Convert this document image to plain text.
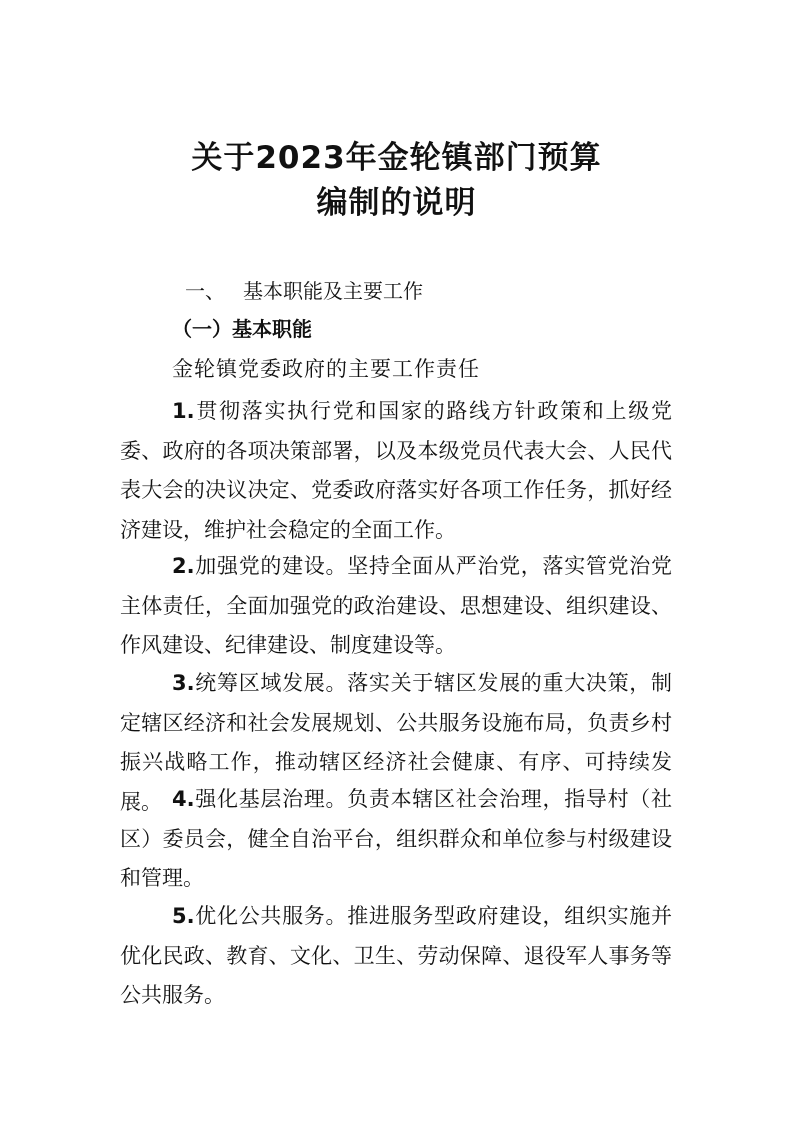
关于2023年金轮镇部门预算
编制的说明
一、 基本职能及主要工作
（一）基本职能
金轮镇党委政府的主要工作责任
1.贯彻落实执行党和国家的路线方针政策和上级党委、政府的各项决策部署，以及本级党员代表大会、人民代表大会的决议决定、党委政府落实好各项工作任务，抓好经济建设，维护社会稳定的全面工作。
2.加强党的建设。坚持全面从严治党，落实管党治党主体责任，全面加强党的政治建设、思想建设、组织建设、作风建设、纪律建设、制度建设等。
3.统筹区域发展。落实关于辖区发展的重大决策，制定辖区经济和社会发展规划、公共服务设施布局，负责乡村振兴战略工作，推动辖区经济社会健康、有序、可持续发展。 4.强化基层治理。负责本辖区社会治理，指导村（社区）委员会，健全自治平台，组织群众和单位参与村级建设和管理。
5.优化公共服务。推进服务型政府建设，组织实施并优化民政、教育、文化、卫生、劳动保障、退役军人事务等公共服务。
